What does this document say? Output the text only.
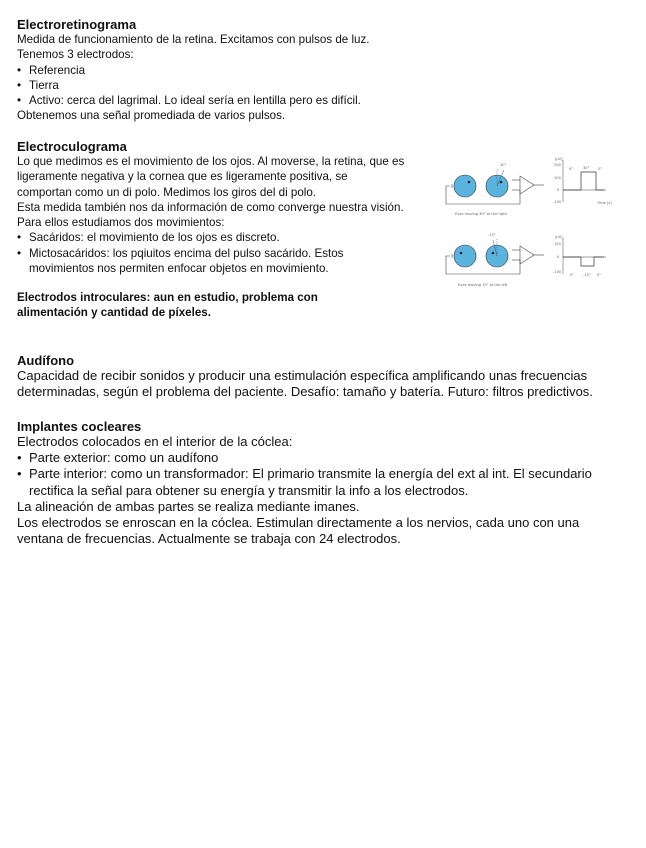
Electroretinograma

Medida de funcionamiento de la retina. Excitamos con pulsos de luz.

Tenemos 3 electrodos:

• Referencia
• Tierra
• Activo: cerca del lagrimal. Lo ideal sería en lentilla pero es difícil.

Obtenemos una señal promediada de varios pulsos.

Electroculograma

Lo que medimos es el movimiento de los ojos. Al moverse, la retina, que es ligeramente negativa y la cornea que es ligeramente positiva, se comportan como un di polo. Medimos los giros del di polo.

Esta medida también nos da información de como converge nuestra visión. Para ellos estudiamos dos movimientos:

• Sacáridos: el movimiento de los ojos es discreto.
• Mictosacáridos: los pqiuitos encima del pulso sacárido. Estos movimientos nos permiten enfocar objetos en movimiento.

Electrodos introculares: aun en estudio, problema con alimentación y cantidad de píxeles.

30°
Eyes moving 30° to the right
[µV]
200
100
0
-100
0°	30° 0°
Time [s]
-15°
Eyes moving 15° to the left
[µV]
100
0
-100
0° -15° 0°
Audífono

Capacidad de recibir sonidos y producir una estimulación específica amplificando unas frecuencias determinadas, según el problema del paciente. Desafío: tamaño y batería. Futuro: filtros predictivos.

Implantes cocleares

Electrodos colocados en el interior de la cóclea:

• Parte exterior: como un audífono
• Parte interior: como un transformador: El primario transmite la energía del ext al int. El secundario rectifica la señal para obtener su energía y transmitir la info a los electrodos.

La alineación de ambas partes se realiza mediante imanes.

Los electrodos se enroscan en la cóclea. Estimulan directamente a los nervios, cada uno con una ventana de frecuencias. Actualmente se trabaja con 24 electrodos.
